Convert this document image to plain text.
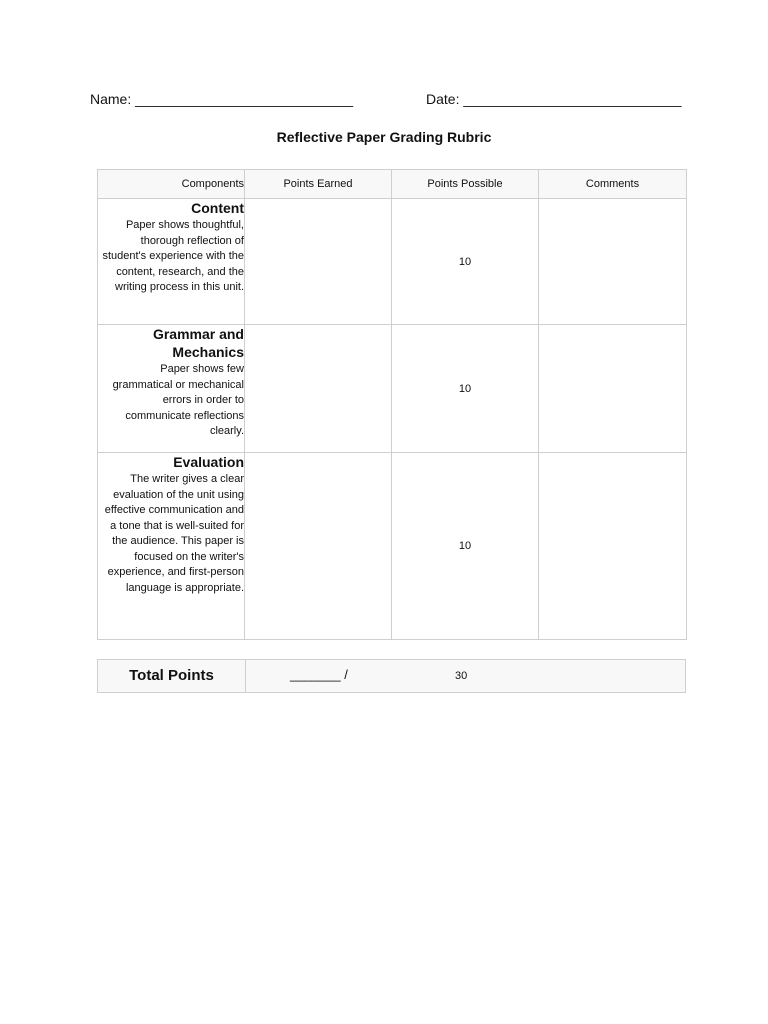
Name: ____________________________	Date: ____________________________
Reflective Paper Grading Rubric
Components	Points Earned	Points Possible	Comments

Content
Paper shows thoughtful, thorough reflection of student's experience with the content, research, and the writing process in this unit.		10	

Grammar and Mechanics
Paper shows few grammatical or mechanical errors in order to communicate reflections clearly.		10	

Evaluation
The writer gives a clear evaluation of the unit using effective communication and a tone that is well-suited for the audience. This paper is focused on the writer's experience, and first-person language is appropriate.		10	
Total Points	_______ /	30
